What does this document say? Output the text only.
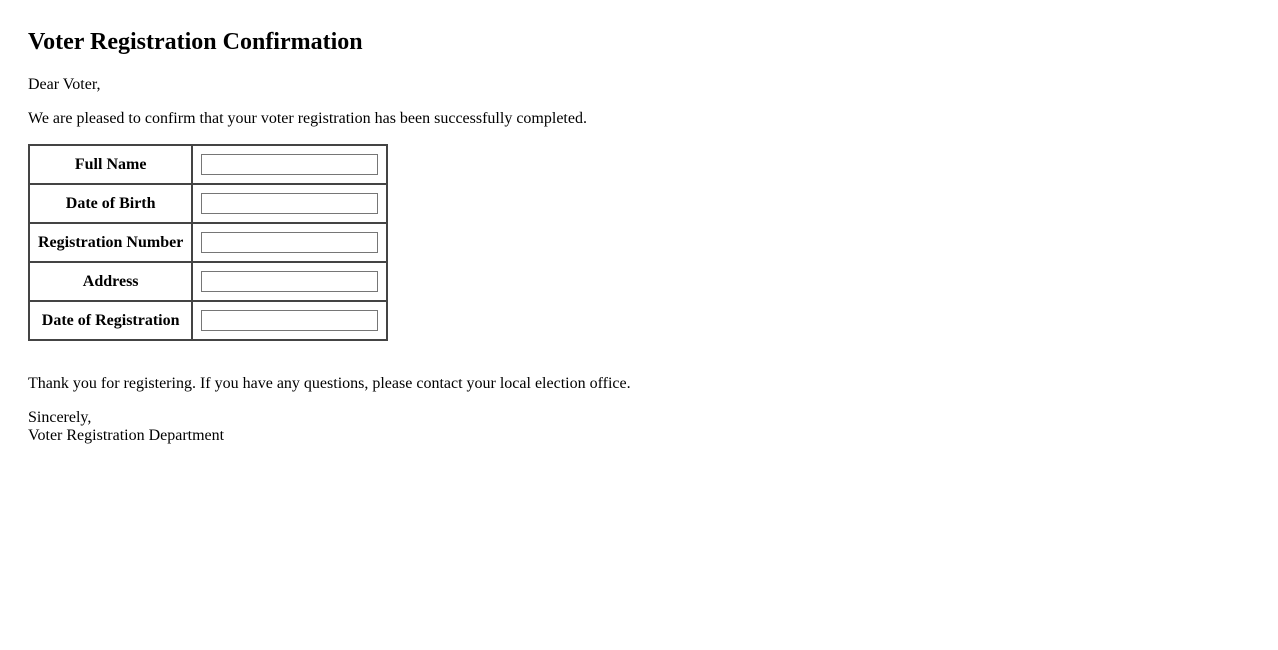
Voter Registration Confirmation

Dear Voter,

We are pleased to confirm that your voter registration has been successfully completed.

Full Name	
Date of Birth	
Registration Number	
Address	
Date of Registration	

Thank you for registering. If you have any questions, please contact your local election office.

Sincerely,
Voter Registration Department
